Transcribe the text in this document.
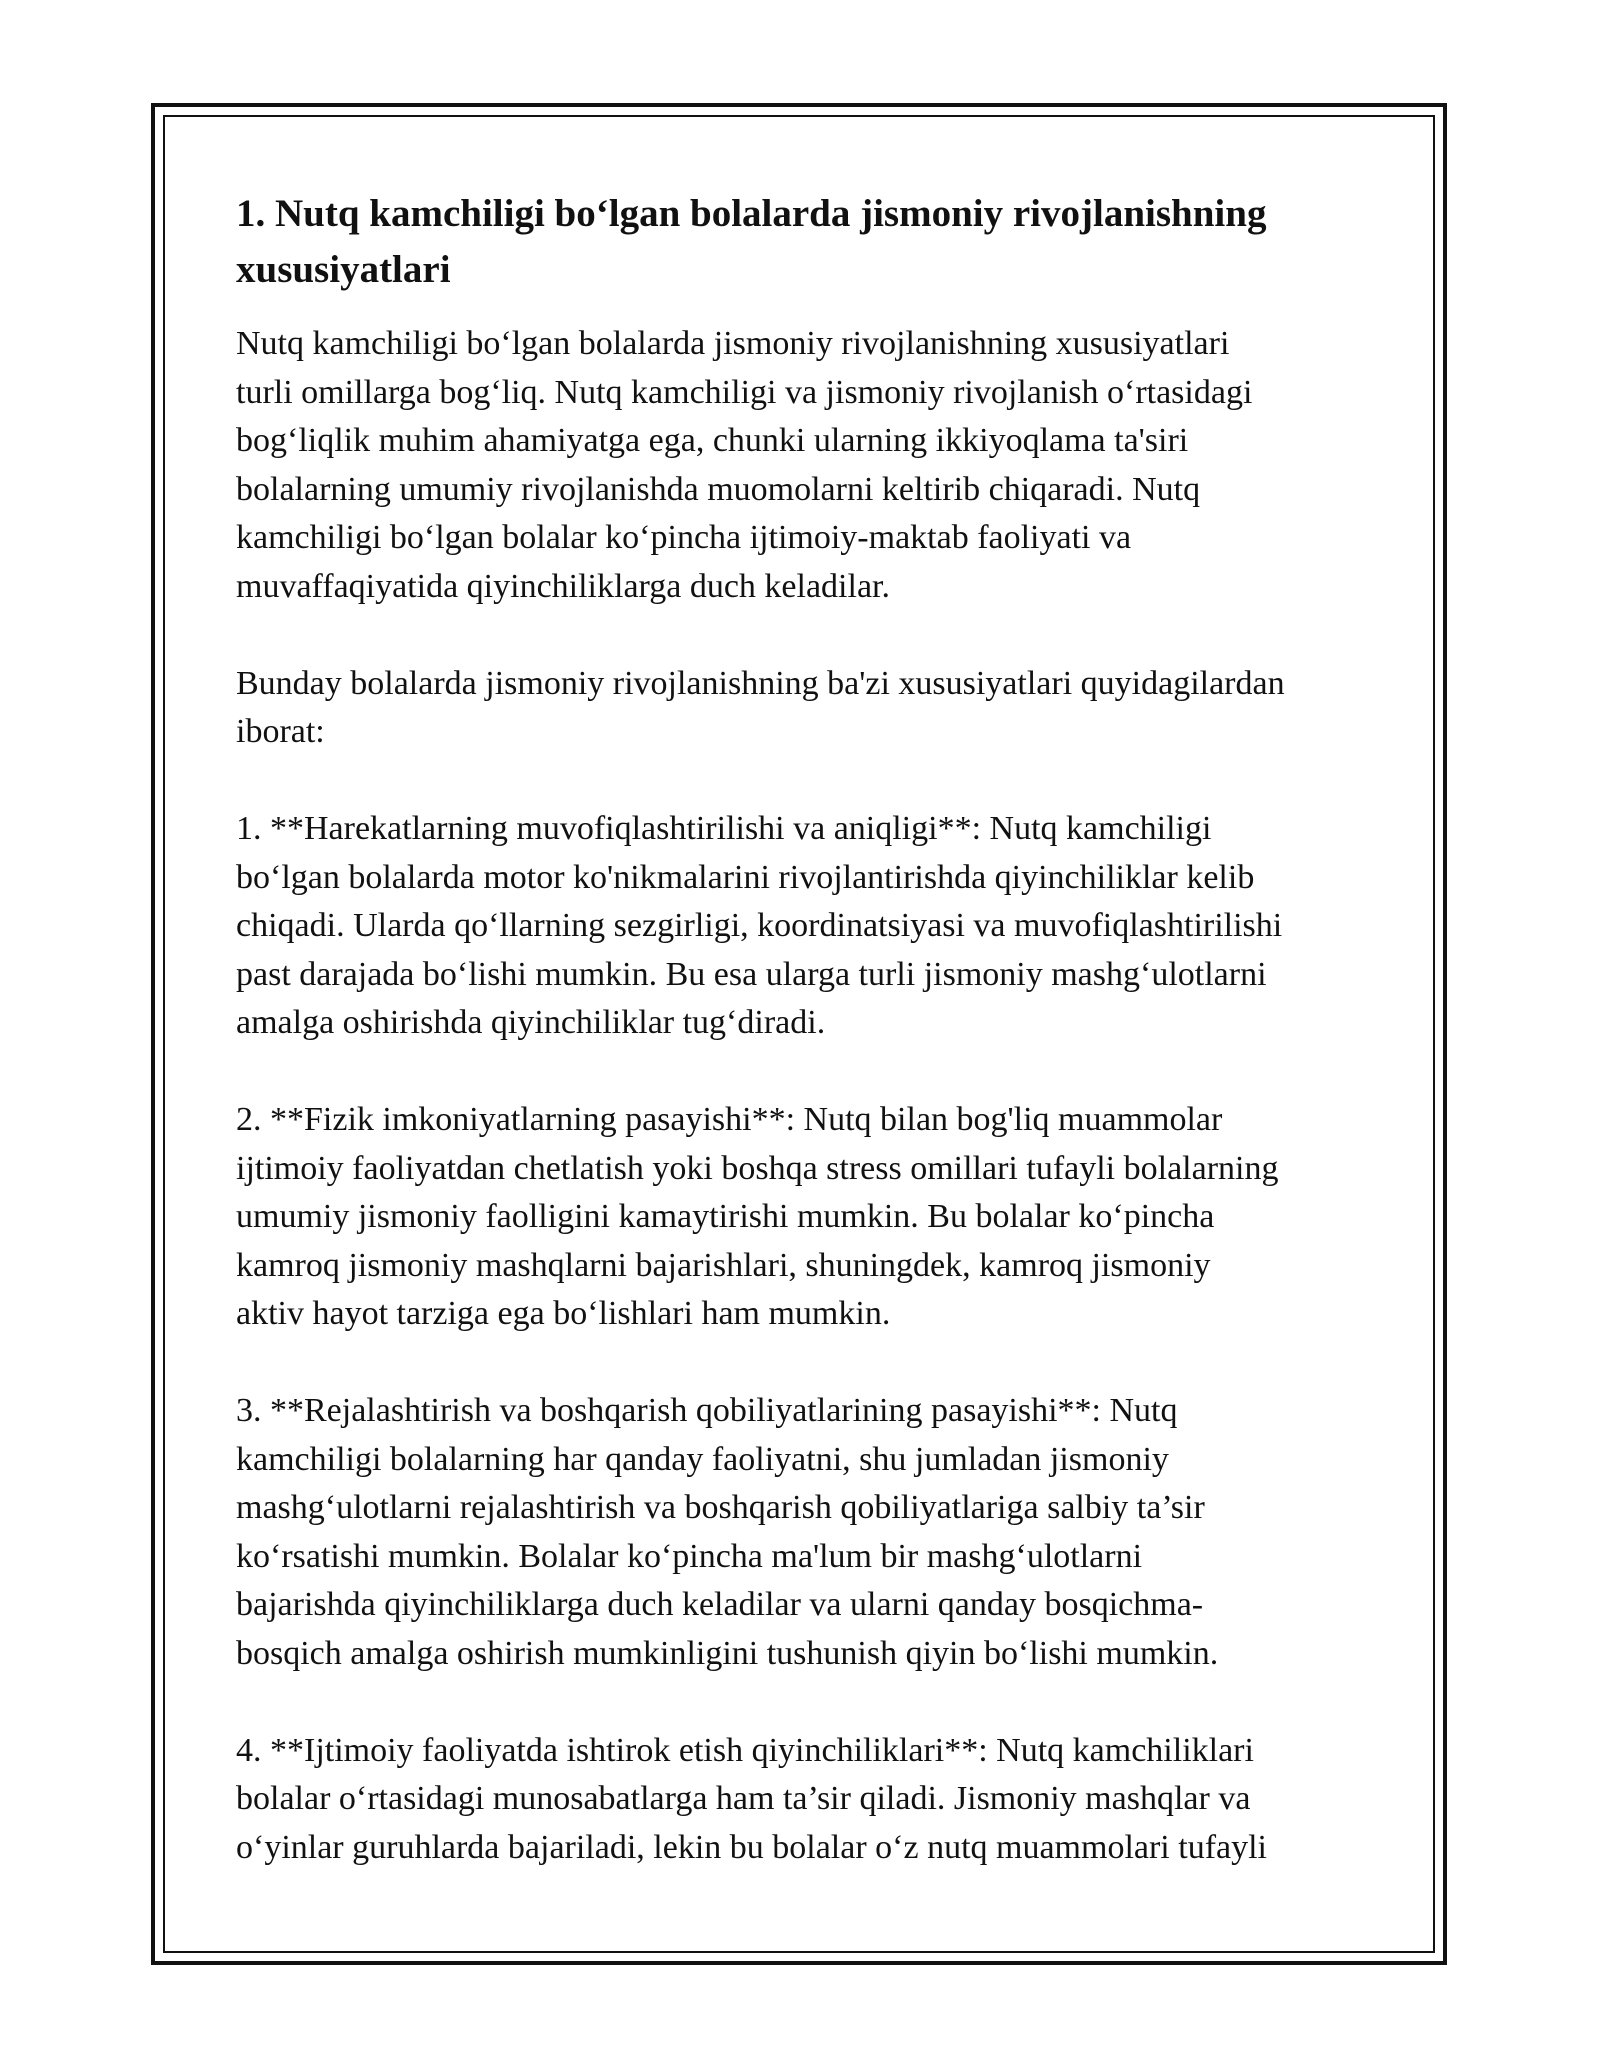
1. Nutq kamchiligi bo‘lgan bolalarda jismoniy rivojlanishning
xususiyatlari

Nutq kamchiligi bo‘lgan bolalarda jismoniy rivojlanishning xususiyatlari
turli omillarga bog‘liq. Nutq kamchiligi va jismoniy rivojlanish o‘rtasidagi
bog‘liqlik muhim ahamiyatga ega, chunki ularning ikkiyoqlama ta'siri
bolalarning umumiy rivojlanishda muomolarni keltirib chiqaradi. Nutq
kamchiligi bo‘lgan bolalar ko‘pincha ijtimoiy-maktab faoliyati va
muvaffaqiyatida qiyinchiliklarga duch keladilar.

Bunday bolalarda jismoniy rivojlanishning ba'zi xususiyatlari quyidagilardan
iborat:

1. **Harekatlarning muvofiqlashtirilishi va aniqligi**: Nutq kamchiligi
bo‘lgan bolalarda motor ko'nikmalarini rivojlantirishda qiyinchiliklar kelib
chiqadi. Ularda qo‘llarning sezgirligi, koordinatsiyasi va muvofiqlashtirilishi
past darajada bo‘lishi mumkin. Bu esa ularga turli jismoniy mashg‘ulotlarni
amalga oshirishda qiyinchiliklar tug‘diradi.

2. **Fizik imkoniyatlarning pasayishi**: Nutq bilan bog'liq muammolar
ijtimoiy faoliyatdan chetlatish yoki boshqa stress omillari tufayli bolalarning
umumiy jismoniy faolligini kamaytirishi mumkin. Bu bolalar ko‘pincha
kamroq jismoniy mashqlarni bajarishlari, shuningdek, kamroq jismoniy
aktiv hayot tarziga ega bo‘lishlari ham mumkin.

3. **Rejalashtirish va boshqarish qobiliyatlarining pasayishi**: Nutq
kamchiligi bolalarning har qanday faoliyatni, shu jumladan jismoniy
mashg‘ulotlarni rejalashtirish va boshqarish qobiliyatlariga salbiy ta’sir
ko‘rsatishi mumkin. Bolalar ko‘pincha ma'lum bir mashg‘ulotlarni
bajarishda qiyinchiliklarga duch keladilar va ularni qanday bosqichma-
bosqich amalga oshirish mumkinligini tushunish qiyin bo‘lishi mumkin.

4. **Ijtimoiy faoliyatda ishtirok etish qiyinchiliklari**: Nutq kamchiliklari
bolalar o‘rtasidagi munosabatlarga ham ta’sir qiladi. Jismoniy mashqlar va
o‘yinlar guruhlarda bajariladi, lekin bu bolalar o‘z nutq muammolari tufayli
